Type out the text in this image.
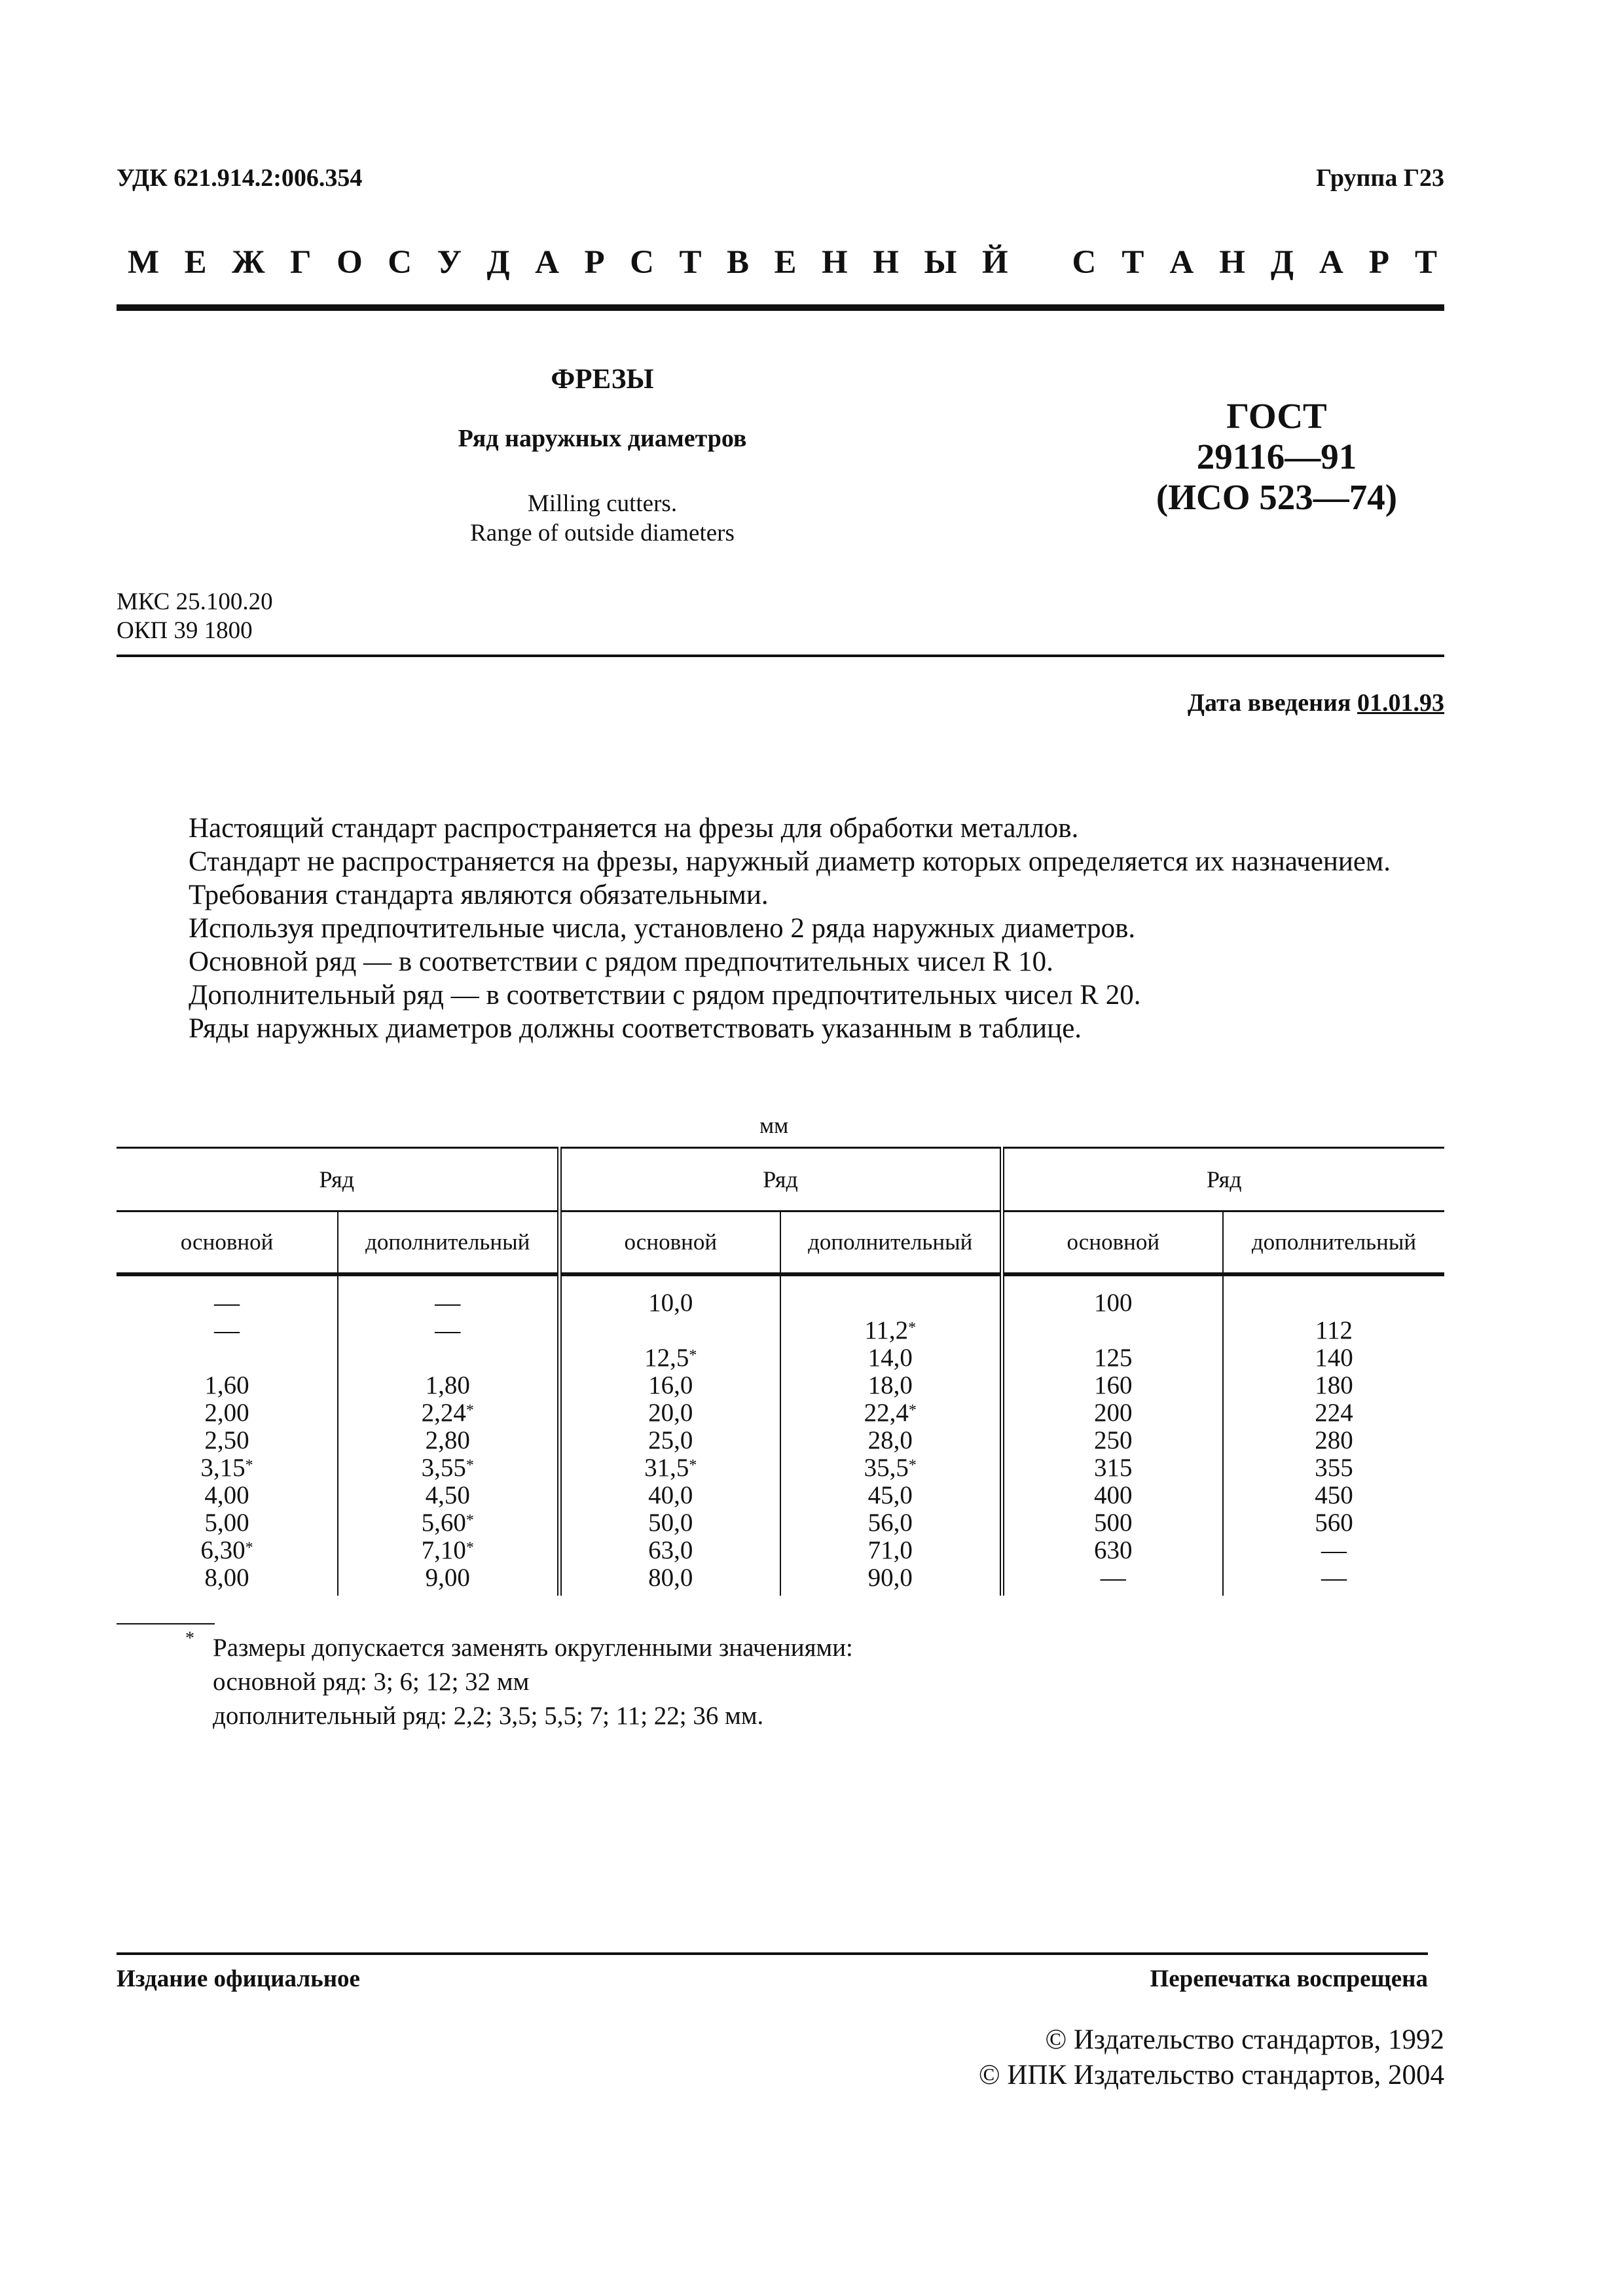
УДК 621.914.2:006.354	Группа Г23
М Е Ж Г О С У Д А Р С Т В Е Н Н Ы Й С Т А Н Д А Р Т
ФРЕЗЫ
Ряд наружных диаметров
Milling cutters.
Range of outside diameters
ГОСТ
29116—91
(ИСО 523—74)
МКС 25.100.20
ОКП 39 1800
Дата введения 01.01.93

Настоящий стандарт распространяется на фрезы для обработки металлов.

Стандарт не распространяется на фрезы, наружный диаметр которых определяется их назначением.

Требования стандарта являются обязательными.

Используя предпочтительные числа, установлено 2 ряда наружных диаметров.

Основной ряд — в соответствии с рядом предпочтительных чисел R 10.

Дополнительный ряд — в соответствии с рядом предпочтительных чисел R 20.

Ряды наружных диаметров должны соответствовать указанным в таблице.

мм
Ряд		Ряд		Ряд	
основной	дополнительный	основной	дополнительный	основной	дополнительный
—	—	10,0		100	
—	—		11,2*		112
		12,5*	14,0	125	140
1,60	1,80	16,0	18,0	160	180
2,00	2,24*	20,0	22,4*	200	224
2,50	2,80	25,0	28,0	250	280
3,15*	3,55*	31,5*	35,5*	315	355
4,00	4,50	40,0	45,0	400	450
5,00	5,60*	50,0	56,0	500	560
6,30*	7,10*	63,0	71,0	630	—
8,00	9,00	80,0	90,0	—	—
* Размеры допускается заменять округленными значениями:
основной ряд: 3; 6; 12; 32 мм
дополнительный ряд: 2,2; 3,5; 5,5; 7; 11; 22; 36 мм.
Издание официальное	Перепечатка воспрещена
© Издательство стандартов, 1992
© ИПК Издательство стандартов, 2004
